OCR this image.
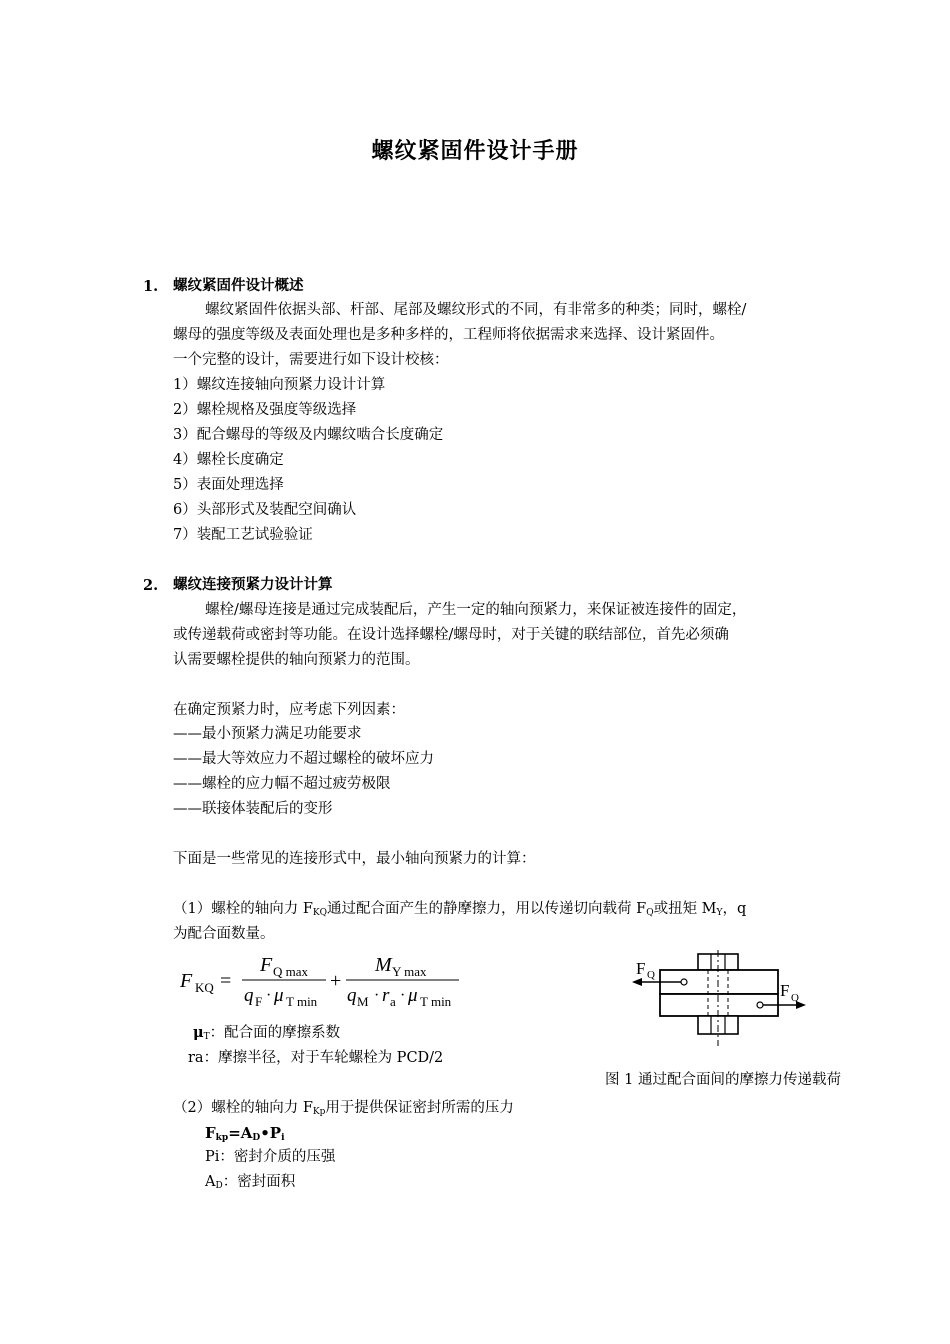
螺纹紧固件设计手册
1. 螺纹紧固件设计概述
螺纹紧固件依据头部、杆部、尾部及螺纹形式的不同，有非常多的种类；同时，螺栓/
螺母的强度等级及表面处理也是多种多样的，工程师将依据需求来选择、设计紧固件。
一个完整的设计，需要进行如下设计校核：
1）螺纹连接轴向预紧力设计计算
2）螺栓规格及强度等级选择
3）配合螺母的等级及内螺纹啮合长度确定
4）螺栓长度确定
5）表面处理选择
6）头部形式及装配空间确认
7）装配工艺试验验证
2. 螺纹连接预紧力设计计算
螺栓/螺母连接是通过完成装配后，产生一定的轴向预紧力，来保证被连接件的固定，
或传递载荷或密封等功能。在设计选择螺栓/螺母时，对于关键的联结部位，首先必须确
认需要螺栓提供的轴向预紧力的范围。
在确定预紧力时，应考虑下列因素：
——最小预紧力满足功能要求
——最大等效应力不超过螺栓的破坏应力
——螺栓的应力幅不超过疲劳极限
——联接体装配后的变形
下面是一些常见的连接形式中，最小轴向预紧力的计算：
（1）螺栓的轴向力 $F_{KQ}$通过配合面产生的静摩擦力，用以传递切向载荷 $F_Q$或扭矩 $M_Y$，q
为配合面数量。
F KQ =
F Q max
q F · μ T min
+
M Y max
q M · r a · μ T min
$\mu_T$：配合面的摩擦系数
ra：摩擦半径，对于车轮螺栓为 PCD/2
F Q
F Q
图 1 通过配合面间的摩擦力传递载荷
（2）螺栓的轴向力 $F_{Kp}$用于提供保证密封所需的压力
$F_{kp}=A_D•P_i$
Pi：密封介质的压强
$A_D$：密封面积
